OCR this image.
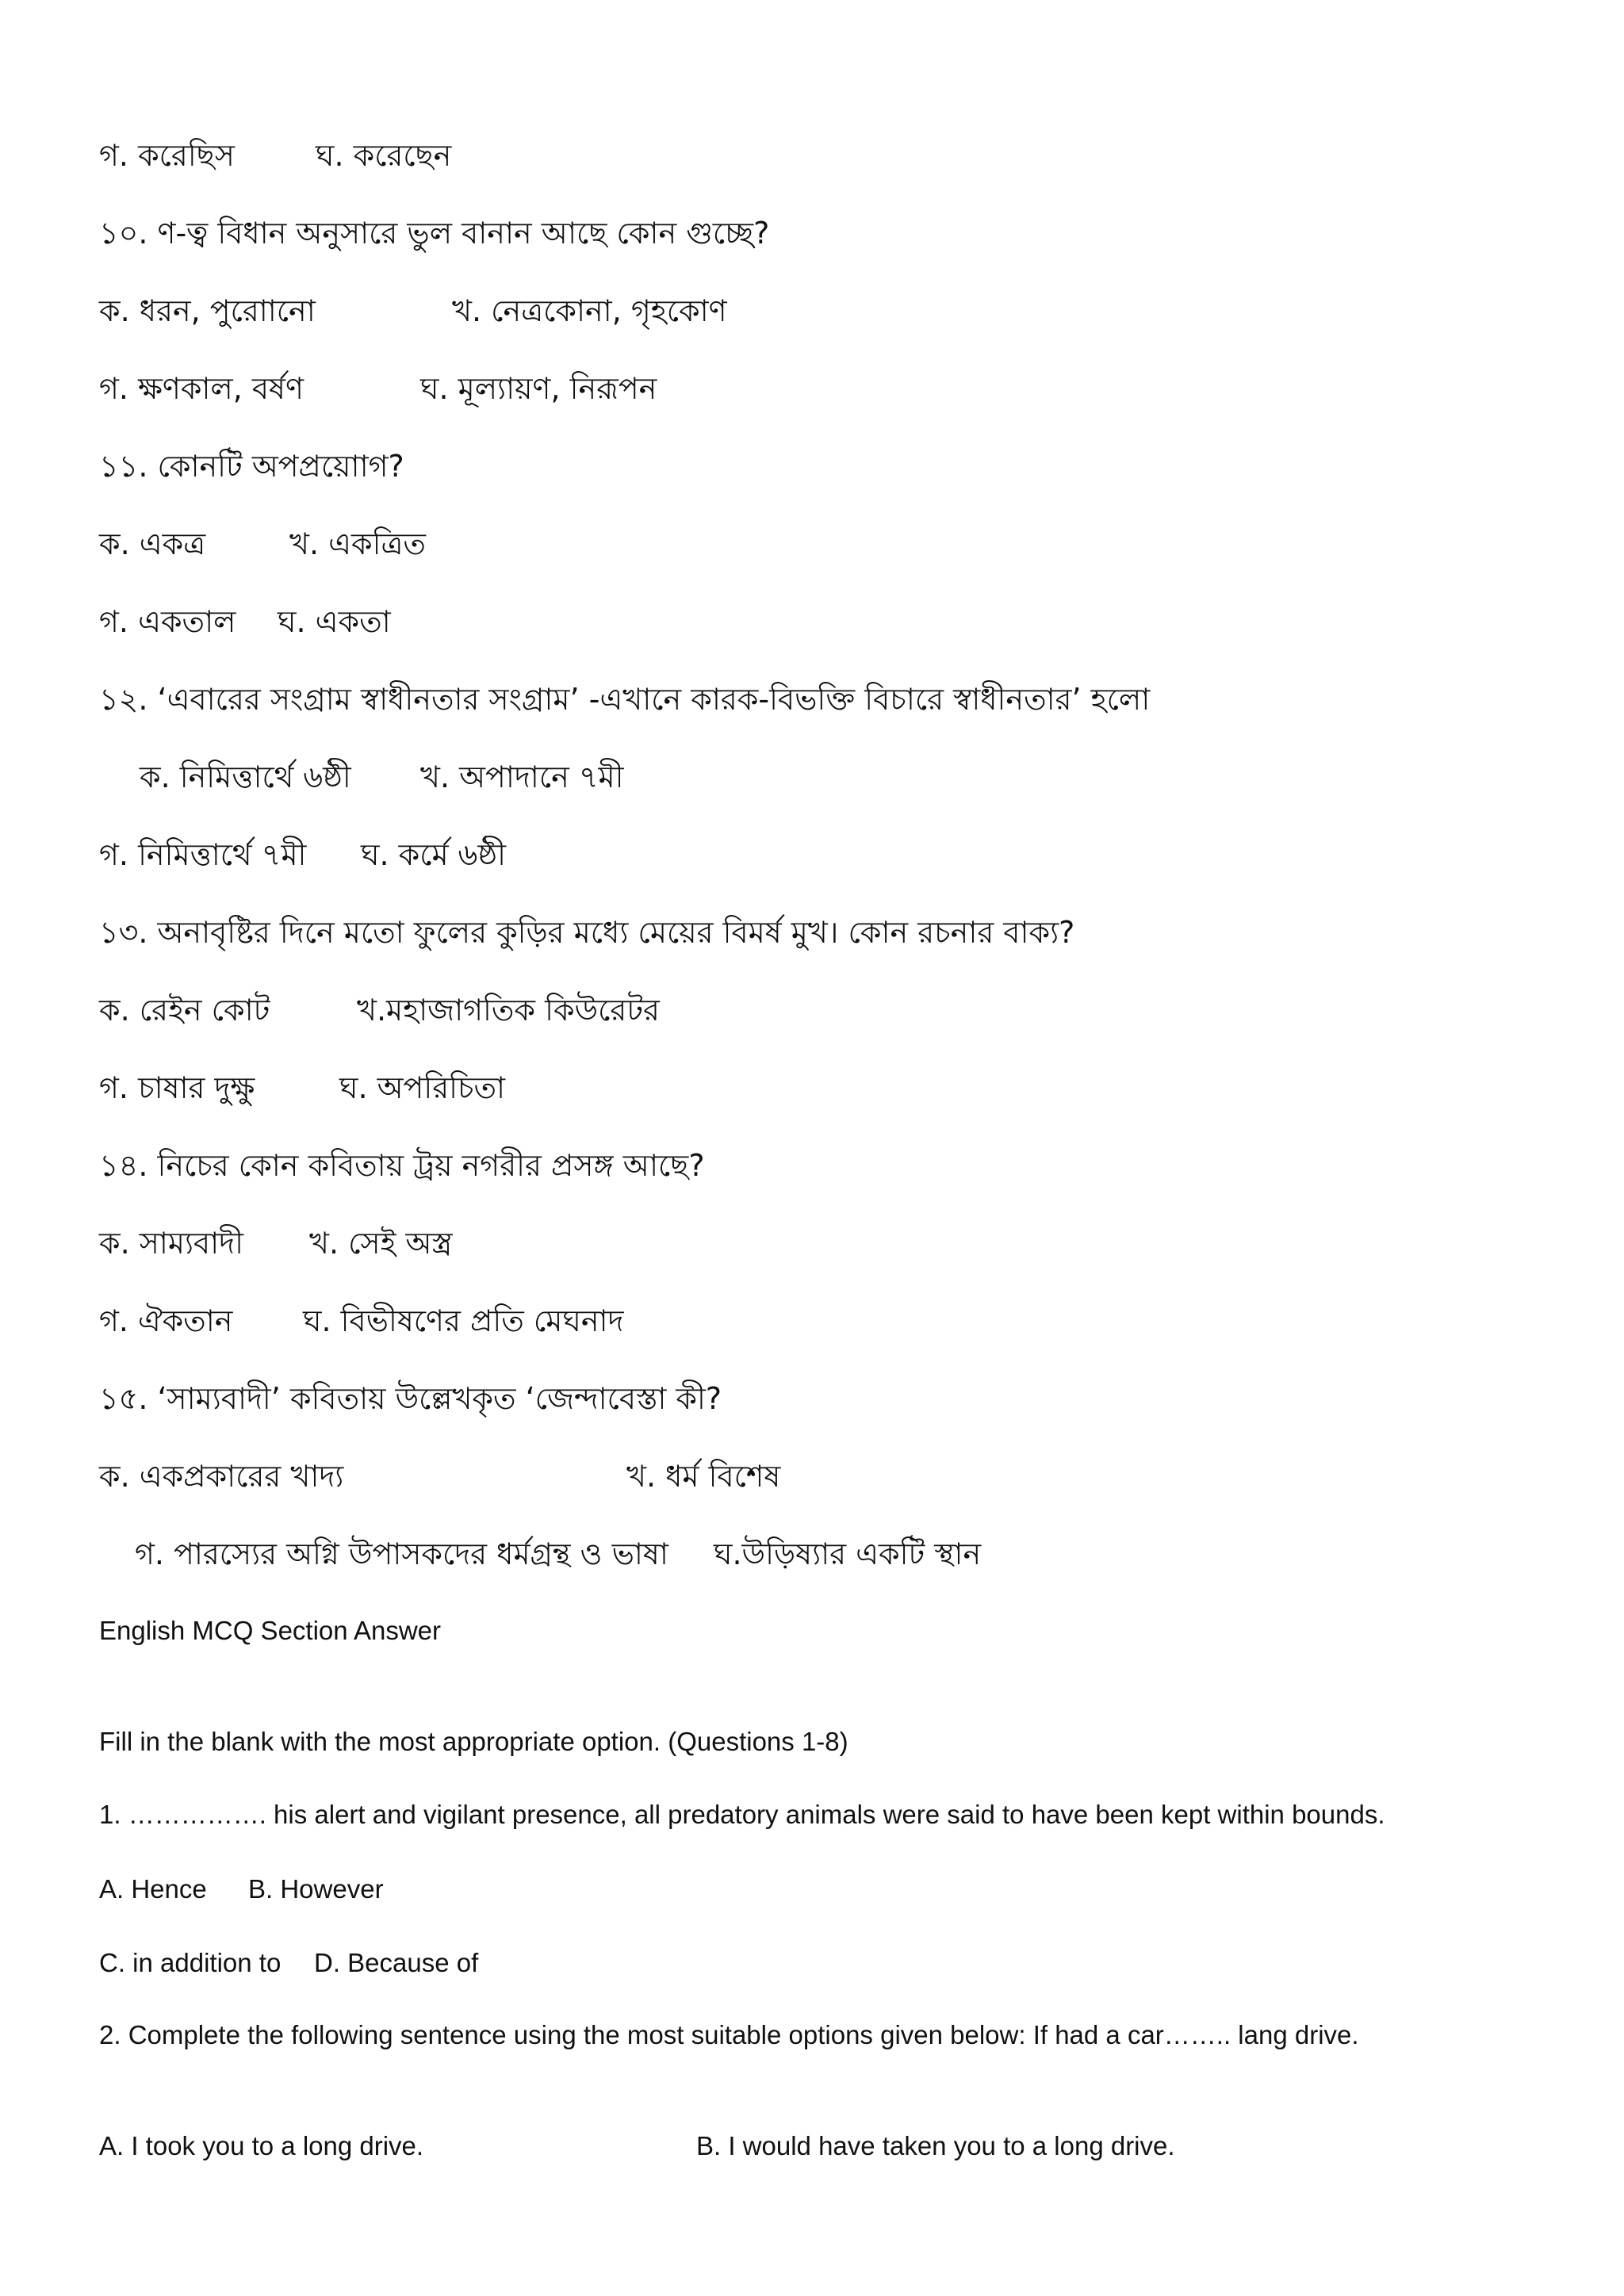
গ. করেছিস	ঘ. করেছেন
১০. ণ-ত্ব বিধান অনুসারে ভুল বানান আছে কোন গুচ্ছে?
ক. ধরন, পুরাোনাে	খ. নেত্রকোনা, গৃহকোণ
গ. ক্ষণকাল, বর্ষণ	ঘ. মূল্যায়ণ, নিরূপন
১১. কোনটি অপপ্রয়াোগ?
ক. একত্র	খ. একত্রিত
গ. একতাল ঘ. একতা
১২. ‘এবারের সংগ্রাম স্বাধীনতার সংগ্রাম’ -এখানে কারক-বিভক্তি বিচারে স্বাধীনতার’ হলাে
ক. নিমিত্তার্থে ৬ষ্ঠী খ. অপাদানে ৭মী
গ. নিমিত্তার্থে ৭মী ঘ. কর্মে ৬ষ্ঠী
১৩. অনাবৃষ্টির দিনে মতাে ফুলের কুড়ির মধ্যে মেয়ের বিমর্ষ মুখ। কোন রচনার বাক্য?
ক. রেইন কোট	খ.মহাজাগতিক কিউরেটর
গ. চাষার দুক্ষু	ঘ. অপরিচিতা
১৪. নিচের কোন কবিতায় ট্রয় নগরীর প্রসঙ্গ আছে?
ক. সাম্যবাদী খ. সেই অস্ত্র
গ. ঐকতান ঘ. বিভীষণের প্রতি মেঘনাদ
১৫. ‘সাম্যবাদী’ কবিতায় উল্লেখকৃত ‘জেন্দাবেস্তা কী?
ক. একপ্রকারের খাদ্য	খ. ধর্ম বিশেষ
গ. পারস্যের অগ্নি উপাসকদের ধর্মগ্রন্থ ও ভাষা ঘ.উড়িষ্যার একটি স্থান
English MCQ Section Answer
Fill in the blank with the most appropriate option. (Questions 1-8)
1. ……………. his alert and vigilant presence, all predatory animals were said to have been kept within bounds.
A. Hence B. However
C. in addition to D. Because of
2. Complete the following sentence using the most suitable options given below: If had a car…….. lang drive.
A. I took you to a long drive.	B. I would have taken you to a long drive.
